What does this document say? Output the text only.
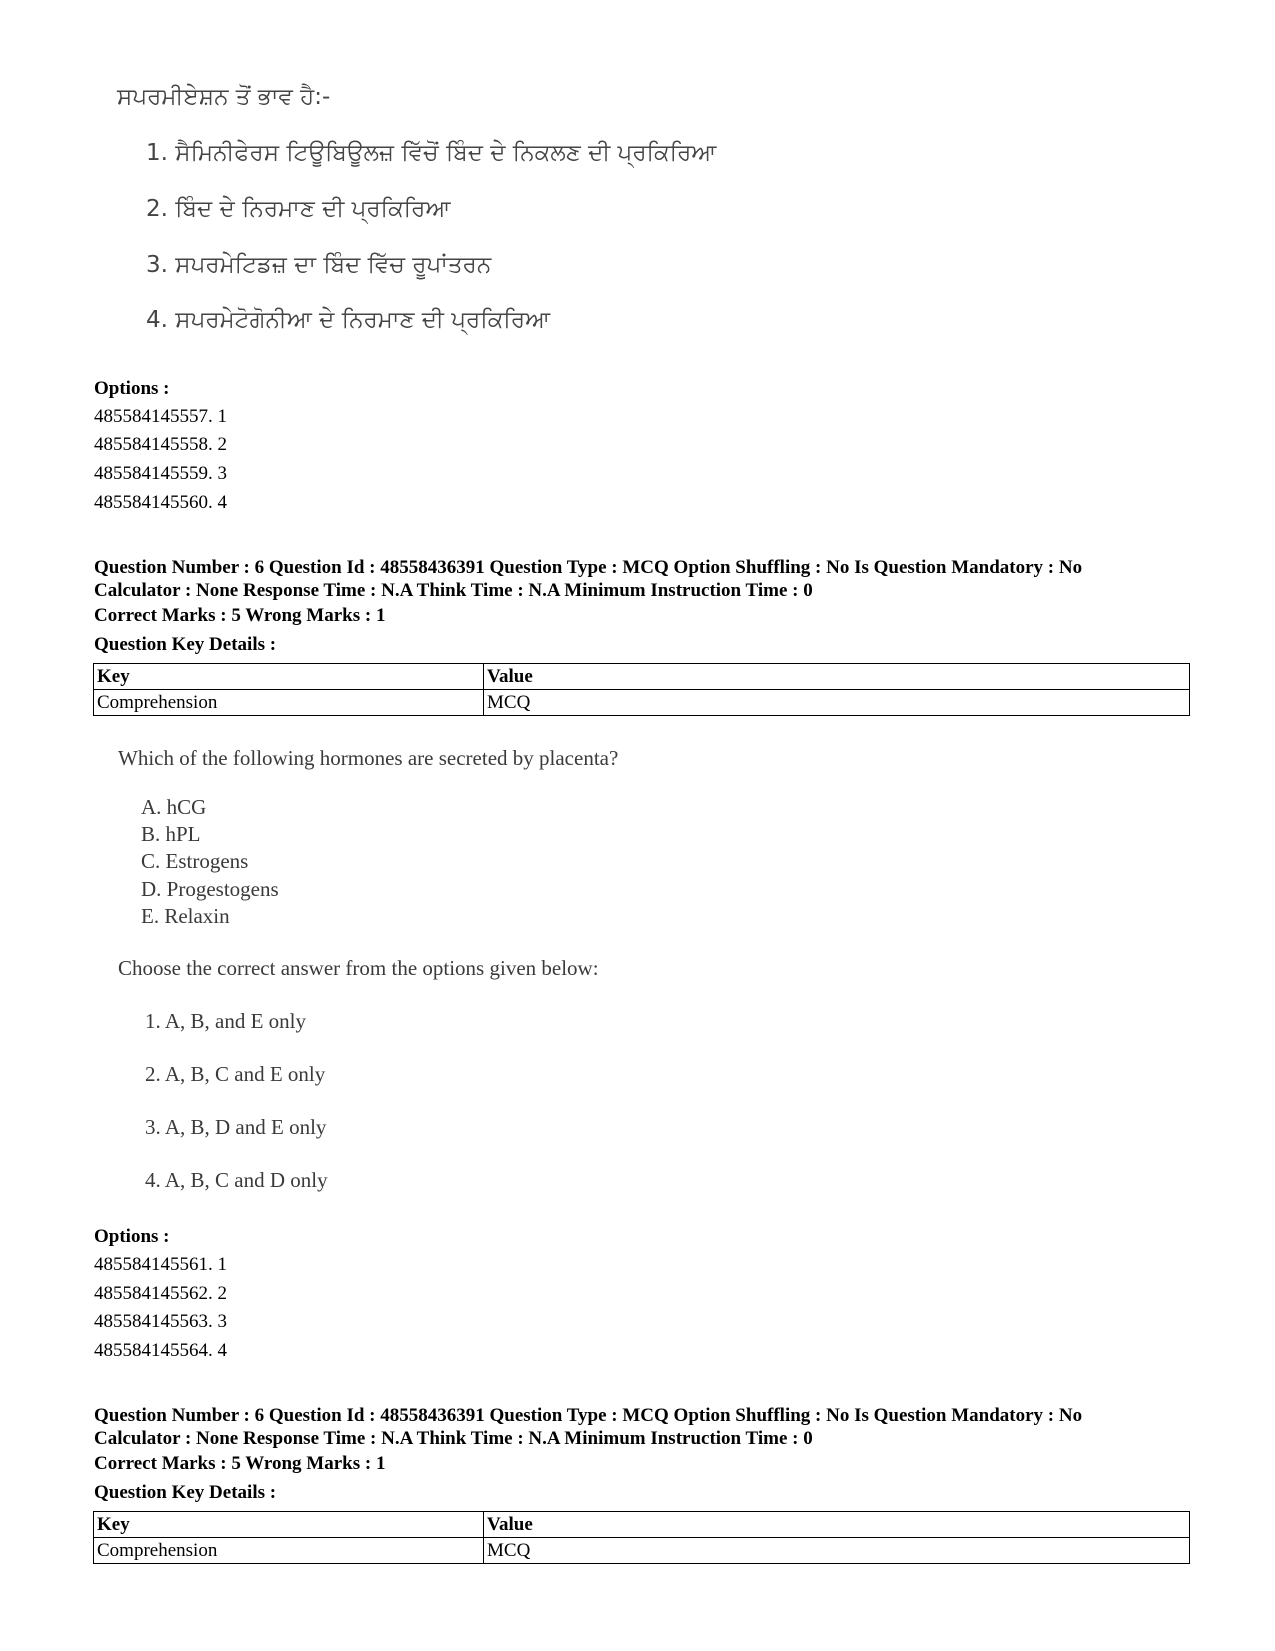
ਸਪਰਮੀਏਸ਼ਨ ਤੋਂ ਭਾਵ ਹੈ:-
1. ਸੈਮਿਨੀਫੇਰਸ ਟਿਊਬਿਊਲਜ਼ ਵਿੱਚੋਂ ਬਿੰਦ ਦੇ ਨਿਕਲਣ ਦੀ ਪ੍ਰਕਿਰਿਆ
2. ਬਿੰਦ ਦੇ ਨਿਰਮਾਣ ਦੀ ਪ੍ਰਕਿਰਿਆ
3. ਸਪਰਮੇਟਿਡਜ਼ ਦਾ ਬਿੰਦ ਵਿੱਚ ਰੂਪਾਂਤਰਨ
4. ਸਪਰਮੇਟੋਗੋਨੀਆ ਦੇ ਨਿਰਮਾਣ ਦੀ ਪ੍ਰਕਿਰਿਆ
Options :
485584145557. 1
485584145558. 2
485584145559. 3
485584145560. 4
Question Number : 6 Question Id : 48558436391 Question Type : MCQ Option Shuffling : No Is Question Mandatory : No
Calculator : None Response Time : N.A Think Time : N.A Minimum Instruction Time : 0
Correct Marks : 5 Wrong Marks : 1
Question Key Details :
Key	Value
Comprehension	MCQ
Which of the following hormones are secreted by placenta?
A. hCG
B. hPL
C. Estrogens
D. Progestogens
E. Relaxin
Choose the correct answer from the options given below:
1. A, B, and E only
2. A, B, C and E only
3. A, B, D and E only
4. A, B, C and D only
Options :
485584145561. 1
485584145562. 2
485584145563. 3
485584145564. 4
Question Number : 6 Question Id : 48558436391 Question Type : MCQ Option Shuffling : No Is Question Mandatory : No
Calculator : None Response Time : N.A Think Time : N.A Minimum Instruction Time : 0
Correct Marks : 5 Wrong Marks : 1
Question Key Details :
Key	Value
Comprehension	MCQ
